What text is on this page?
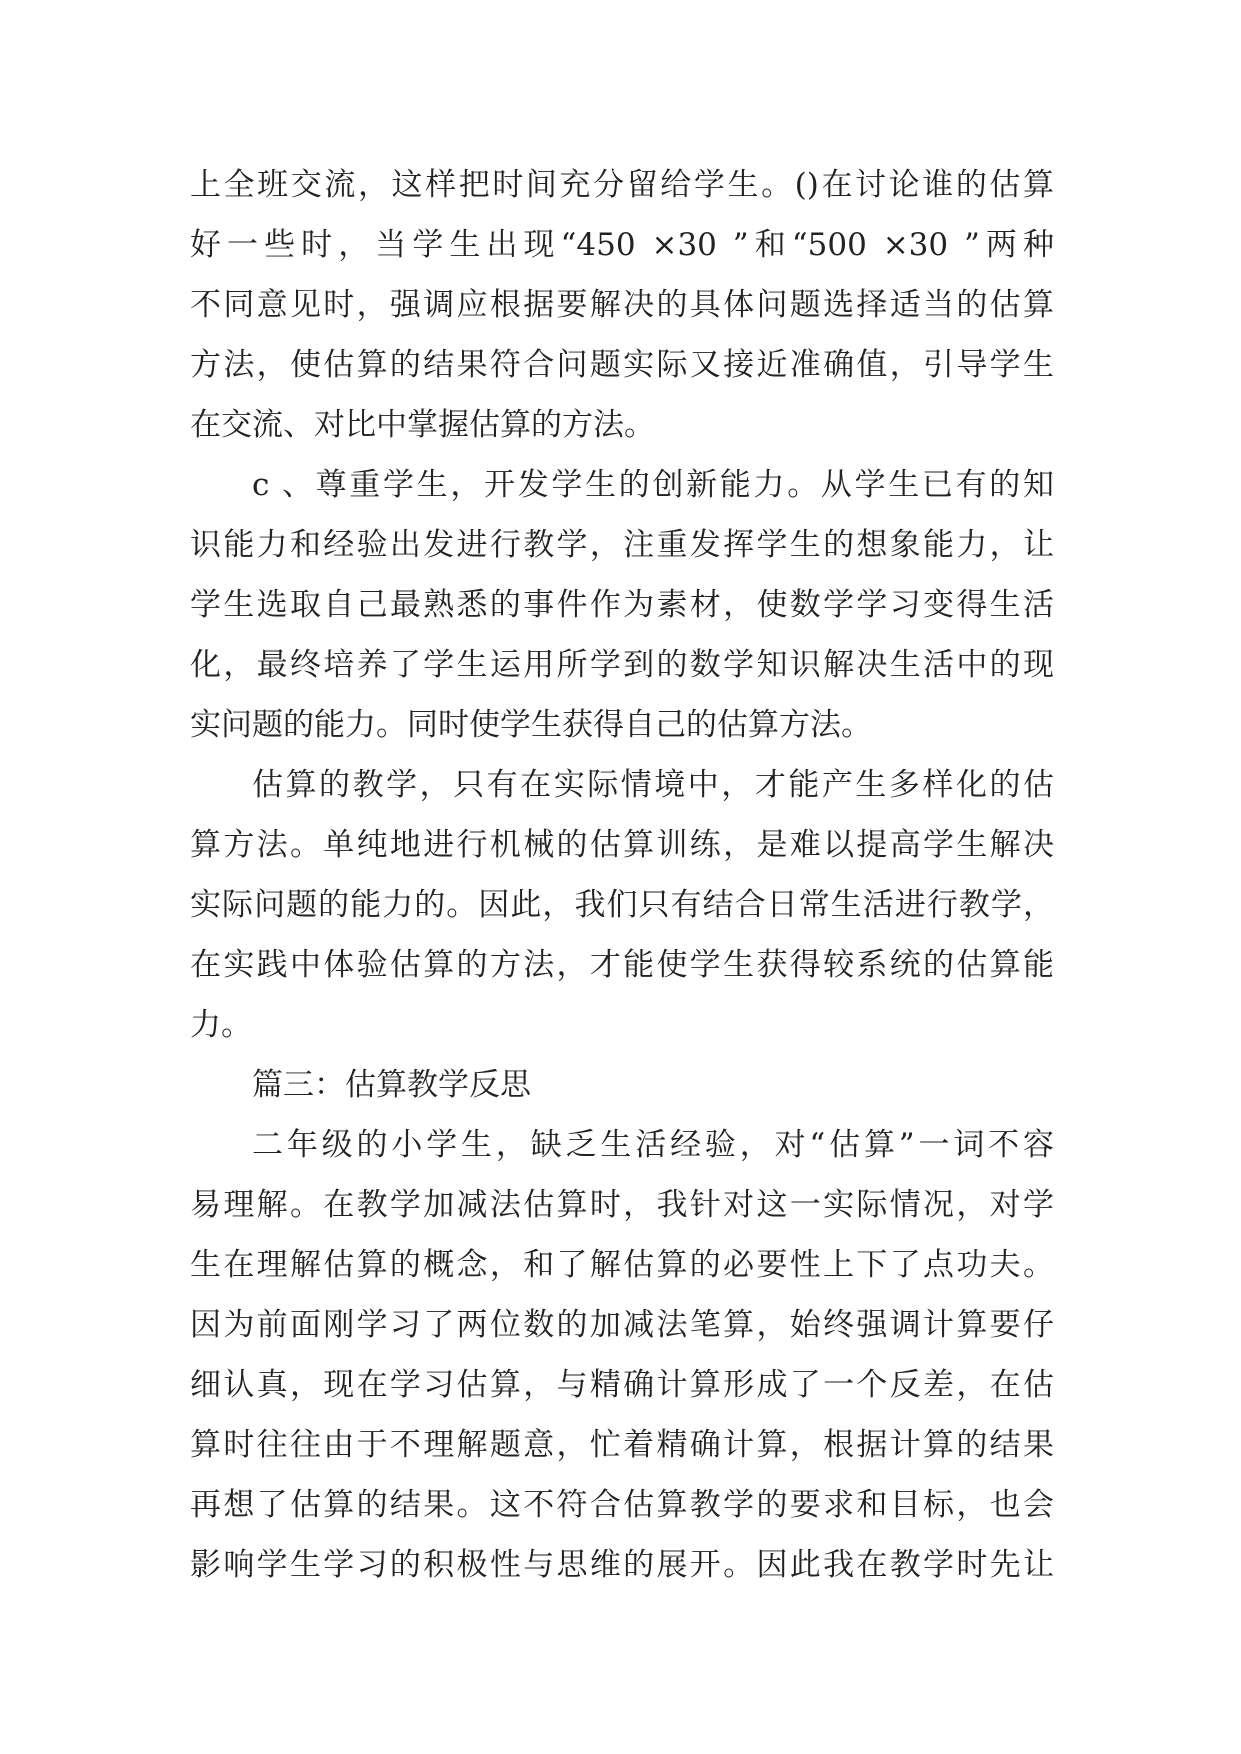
上全班交流，这样把时间充分留给学生。()在讨论谁的估算
好一些时，当学生出现“450 ×30 ”和“500 ×30 ”两种
不同意见时，强调应根据要解决的具体问题选择适当的估算
方法，使估算的结果符合问题实际又接近准确值，引导学生
在交流、对比中掌握估算的方法。
c 、尊重学生，开发学生的创新能力。从学生已有的知
识能力和经验出发进行教学，注重发挥学生的想象能力，让
学生选取自己最熟悉的事件作为素材，使数学学习变得生活
化，最终培养了学生运用所学到的数学知识解决生活中的现
实问题的能力。同时使学生获得自己的估算方法。
估算的教学，只有在实际情境中，才能产生多样化的估
算方法。单纯地进行机械的估算训练，是难以提高学生解决
实际问题的能力的。因此，我们只有结合日常生活进行教学，
在实践中体验估算的方法，才能使学生获得较系统的估算能
力。
篇三：估算教学反思
二年级的小学生，缺乏生活经验，对“估算”一词不容
易理解。在教学加减法估算时，我针对这一实际情况，对学
生在理解估算的概念，和了解估算的必要性上下了点功夫。
因为前面刚学习了两位数的加减法笔算，始终强调计算要仔
细认真，现在学习估算，与精确计算形成了一个反差，在估
算时往往由于不理解题意，忙着精确计算，根据计算的结果
再想了估算的结果。这不符合估算教学的要求和目标，也会
影响学生学习的积极性与思维的展开。因此我在教学时先让
